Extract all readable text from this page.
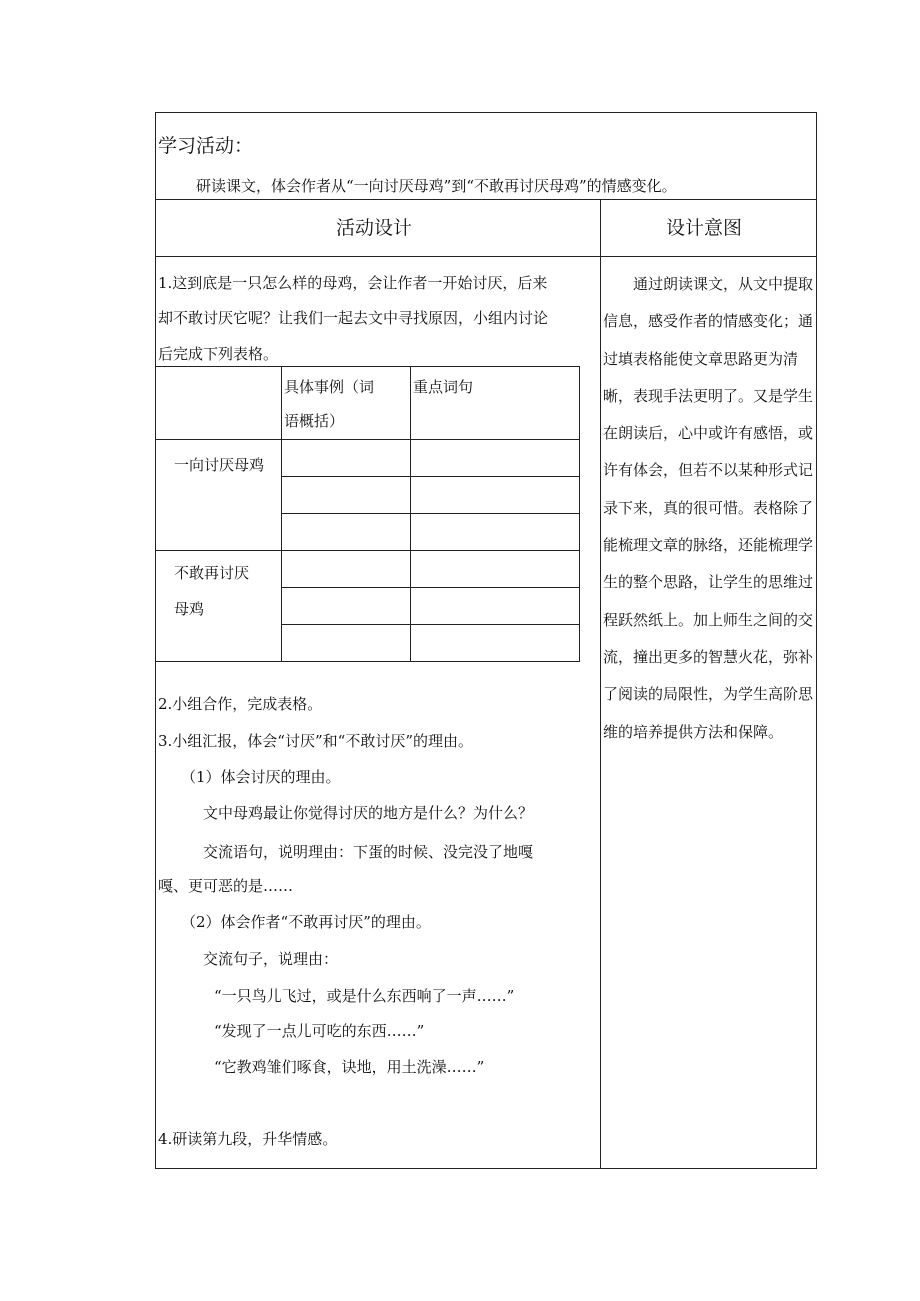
学习活动：
研读课文，体会作者从“一向讨厌母鸡”到“不敢再讨厌母鸡”的情感变化。
活动设计	设计意图
1.这到底是一只怎么样的母鸡，会让作者一开始讨厌，后来
却不敢讨厌它呢？让我们一起去文中寻找原因，小组内讨论
后完成下列表格。
具体事例（词
语概括）
重点词句
一向讨厌母鸡
不敢再讨厌
母鸡
2.小组合作，完成表格。
3.小组汇报，体会“讨厌”和“不敢讨厌”的理由。
（1）体会讨厌的理由。
文中母鸡最让你觉得讨厌的地方是什么？为什么？
交流语句，说明理由：下蛋的时候、没完没了地嘎
嘎、更可恶的是……
（2）体会作者“不敢再讨厌”的理由。
交流句子，说理由：
“一只鸟儿飞过，或是什么东西响了一声……”
“发现了一点儿可吃的东西……”
“它教鸡雏们啄食，诀地，用土洗澡……”
4.研读第九段，升华情感。

通过朗读课文，从文中提取信息，感受作者的情感变化；通过填表格能使文章思路更为清晰，表现手法更明了。又是学生在朗读后，心中或许有感悟，或许有体会，但若不以某种形式记录下来，真的很可惜。表格除了能梳理文章的脉络，还能梳理学生的整个思路，让学生的思维过程跃然纸上。加上师生之间的交流，撞出更多的智慧火花，弥补了阅读的局限性，为学生高阶思维的培养提供方法和保障。
